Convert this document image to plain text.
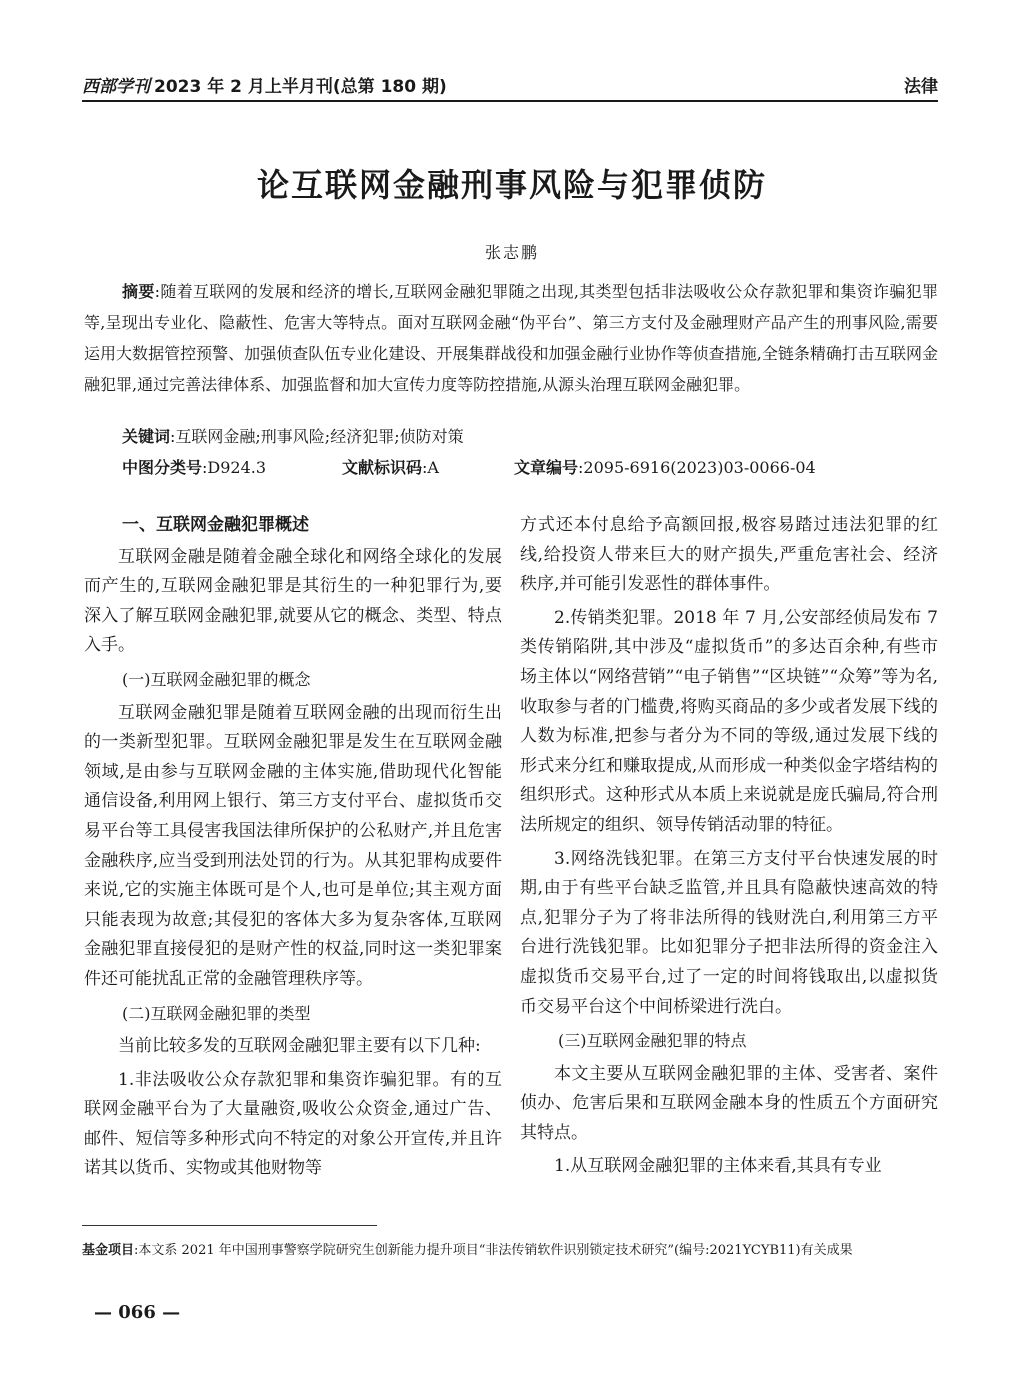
西部学刊 2023 年 2 月上半月刊(总第 180 期)	法律
论互联网金融刑事风险与犯罪侦防
张志鹏
摘要:随着互联网的发展和经济的增长,互联网金融犯罪随之出现,其类型包括非法吸收公众存款犯罪和集资诈骗犯罪等,呈现出专业化、隐蔽性、危害大等特点。面对互联网金融“伪平台”、第三方支付及金融理财产品产生的刑事风险,需要运用大数据管控预警、加强侦查队伍专业化建设、开展集群战役和加强金融行业协作等侦查措施,全链条精确打击互联网金融犯罪,通过完善法律体系、加强监督和加大宣传力度等防控措施,从源头治理互联网金融犯罪。
关键词:互联网金融;刑事风险;经济犯罪;侦防对策
中图分类号:D924.3	文献标识码:A	文章编号:2095-6916(2023)03-0066-04

一、互联网金融犯罪概述

互联网金融是随着金融全球化和网络全球化的发展而产生的,互联网金融犯罪是其衍生的一种犯罪行为,要深入了解互联网金融犯罪,就要从它的概念、类型、特点入手。

(一)互联网金融犯罪的概念

互联网金融犯罪是随着互联网金融的出现而衍生出的一类新型犯罪。互联网金融犯罪是发生在互联网金融领域,是由参与互联网金融的主体实施,借助现代化智能通信设备,利用网上银行、第三方支付平台、虚拟货币交易平台等工具侵害我国法律所保护的公私财产,并且危害金融秩序,应当受到刑法处罚的行为。从其犯罪构成要件来说,它的实施主体既可是个人,也可是单位;其主观方面只能表现为故意;其侵犯的客体大多为复杂客体,互联网金融犯罪直接侵犯的是财产性的权益,同时这一类犯罪案件还可能扰乱正常的金融管理秩序等。

(二)互联网金融犯罪的类型

当前比较多发的互联网金融犯罪主要有以下几种:

1.非法吸收公众存款犯罪和集资诈骗犯罪。有的互联网金融平台为了大量融资,吸收公众资金,通过广告、邮件、短信等多种形式向不特定的对象公开宣传,并且许诺其以货币、实物或其他财物等

方式还本付息给予高额回报,极容易踏过违法犯罪的红线,给投资人带来巨大的财产损失,严重危害社会、经济秩序,并可能引发恶性的群体事件。

2.传销类犯罪。2018 年 7 月,公安部经侦局发布 7 类传销陷阱,其中涉及“虚拟货币”的多达百余种,有些市场主体以“网络营销”“电子销售”“区块链”“众筹”等为名,收取参与者的门槛费,将购买商品的多少或者发展下线的人数为标准,把参与者分为不同的等级,通过发展下线的形式来分红和赚取提成,从而形成一种类似金字塔结构的组织形式。这种形式从本质上来说就是庞氏骗局,符合刑法所规定的组织、领导传销活动罪的特征。

3.网络洗钱犯罪。在第三方支付平台快速发展的时期,由于有些平台缺乏监管,并且具有隐蔽快速高效的特点,犯罪分子为了将非法所得的钱财洗白,利用第三方平台进行洗钱犯罪。比如犯罪分子把非法所得的资金注入虚拟货币交易平台,过了一定的时间将钱取出,以虚拟货币交易平台这个中间桥梁进行洗白。

(三)互联网金融犯罪的特点

本文主要从互联网金融犯罪的主体、受害者、案件侦办、危害后果和互联网金融本身的性质五个方面研究其特点。

1.从互联网金融犯罪的主体来看,其具有专业

基金项目:本文系 2021 年中国刑事警察学院研究生创新能力提升项目“非法传销软件识别锁定技术研究”(编号:2021YCYB11)有关成果
— 066 —
